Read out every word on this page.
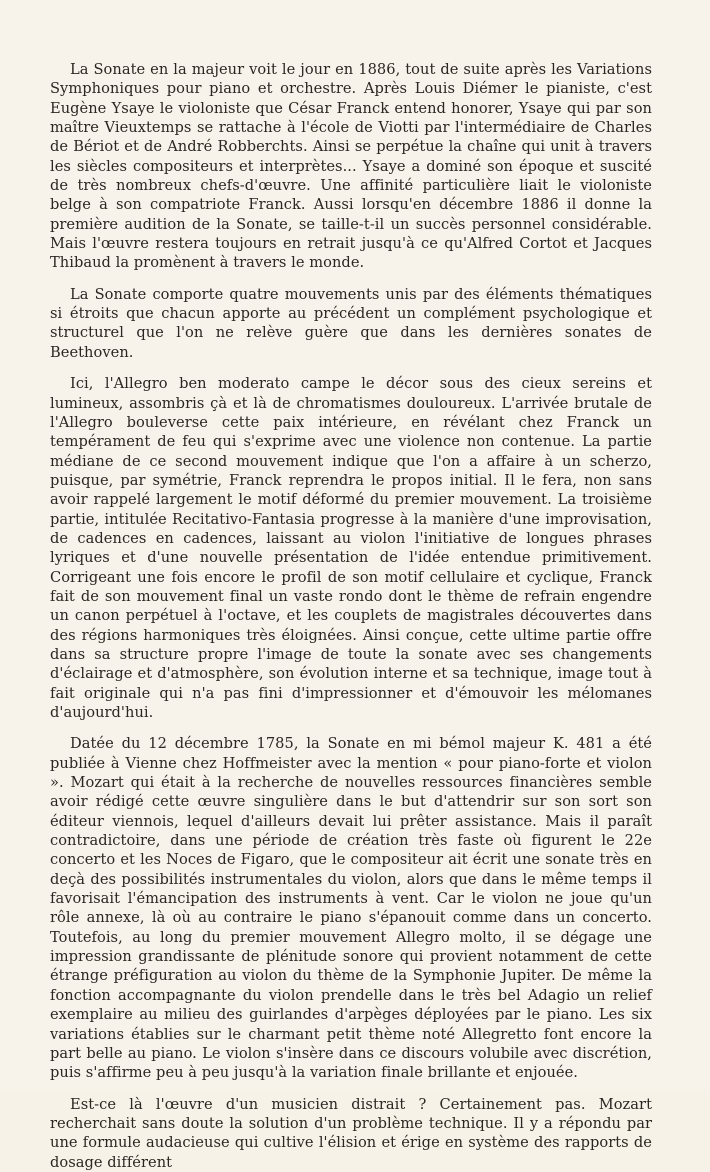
La Sonate en la majeur voit le jour en 1886, tout de suite après les Variations Symphoniques pour piano et orchestre. Après Louis Diémer le pianiste, c'est Eugène Ysaye le violoniste que César Franck entend honorer, Ysaye qui par son maître Vieuxtemps se rattache à l'école de Viotti par l'intermédiaire de Charles de Bériot et de André Robberchts. Ainsi se perpétue la chaîne qui unit à travers les siècles compositeurs et interprètes... Ysaye a dominé son époque et suscité de très nombreux chefs-d'œuvre. Une affinité particulière liait le violoniste belge à son compatriote Franck. Aussi lorsqu'en décembre 1886 il donne la première audition de la Sonate, se taille-t-il un succès personnel considérable. Mais l'œuvre restera toujours en retrait jusqu'à ce qu'Alfred Cortot et Jacques Thibaud la promènent à travers le monde.

La Sonate comporte quatre mouvements unis par des éléments thématiques si étroits que chacun apporte au précédent un complément psychologique et structurel que l'on ne relève guère que dans les dernières sonates de Beethoven.

Ici, l'Allegro ben moderato campe le décor sous des cieux sereins et lumineux, assombris çà et là de chromatismes douloureux. L'arrivée brutale de l'Allegro bouleverse cette paix intérieure, en révélant chez Franck un tempérament de feu qui s'exprime avec une violence non contenue. La partie médiane de ce second mouvement indique que l'on a affaire à un scherzo, puisque, par symétrie, Franck reprendra le propos initial. Il le fera, non sans avoir rappelé largement le motif déformé du premier mouvement. La troisième partie, intitulée Recitativo-Fantasia progresse à la manière d'une improvisation, de cadences en cadences, laissant au violon l'initiative de longues phrases lyriques et d'une nouvelle présentation de l'idée entendue primitivement. Corrigeant une fois encore le profil de son motif cellulaire et cyclique, Franck fait de son mouvement final un vaste rondo dont le thème de refrain engendre un canon perpétuel à l'octave, et les couplets de magistrales découvertes dans des régions harmoniques très éloignées. Ainsi conçue, cette ultime partie offre dans sa structure propre l'image de toute la sonate avec ses changements d'éclairage et d'atmosphère, son évolution interne et sa technique, image tout à fait originale qui n'a pas fini d'impressionner et d'émouvoir les mélomanes d'aujourd'hui.

Datée du 12 décembre 1785, la Sonate en mi bémol majeur K. 481 a été publiée à Vienne chez Hoffmeister avec la mention « pour piano-forte et violon ». Mozart qui était à la recherche de nouvelles ressources financières semble avoir rédigé cette œuvre singulière dans le but d'attendrir sur son sort son éditeur viennois, lequel d'ailleurs devait lui prêter assistance. Mais il paraît contradictoire, dans une période de création très faste où figurent le 22e concerto et les Noces de Figaro, que le compositeur ait écrit une sonate très en deçà des possibilités instrumentales du violon, alors que dans le même temps il favorisait l'émancipation des instruments à vent. Car le violon ne joue qu'un rôle annexe, là où au contraire le piano s'épanouit comme dans un concerto. Toutefois, au long du premier mouvement Allegro molto, il se dégage une impression grandissante de plénitude sonore qui provient notamment de cette étrange préfiguration au violon du thème de la Symphonie Jupiter. De même la fonction accompagnante du violon prendelle dans le très bel Adagio un relief exemplaire au milieu des guirlandes d'arpèges déployées par le piano. Les six variations établies sur le charmant petit thème noté Allegretto font encore la part belle au piano. Le violon s'insère dans ce discours volubile avec discrétion, puis s'affirme peu à peu jusqu'à la variation finale brillante et enjouée.

Est-ce là l'œuvre d'un musicien distrait ? Certainement pas. Mozart recherchait sans doute la solution d'un problème technique. Il y a répondu par une formule audacieuse qui cultive l'élision et érige en système des rapports de dosage différent
